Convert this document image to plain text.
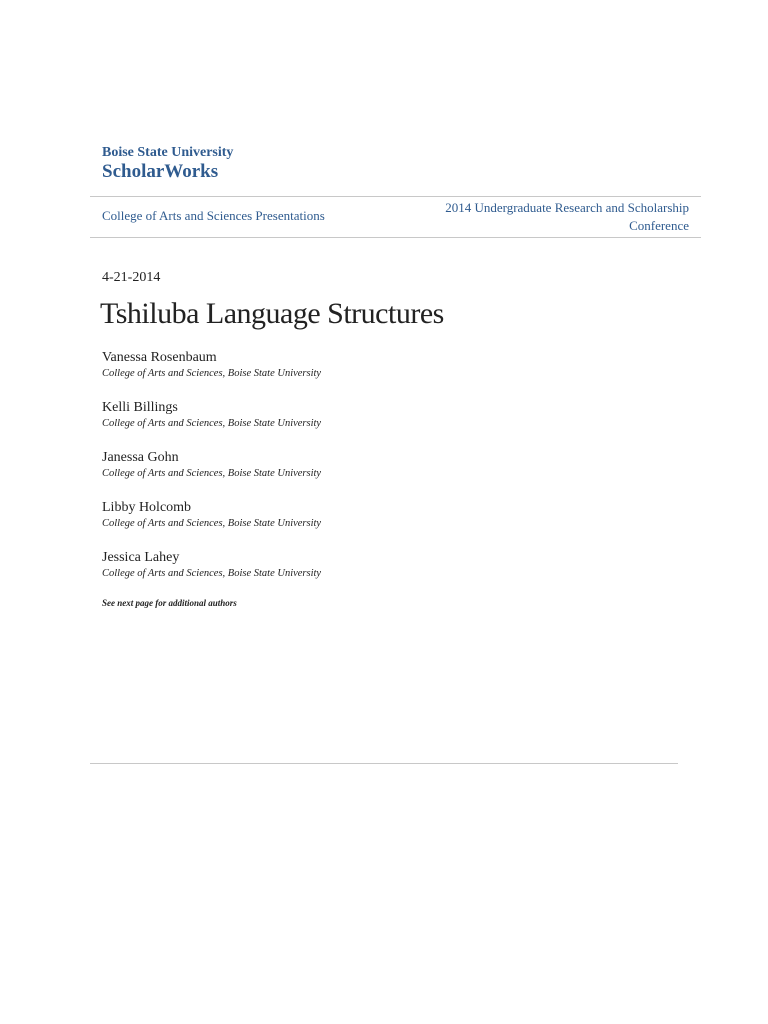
Boise State University
ScholarWorks
College of Arts and Sciences Presentations
2014 Undergraduate Research and Scholarship Conference
4-21-2014
Tshiluba Language Structures
Vanessa Rosenbaum
College of Arts and Sciences, Boise State University
Kelli Billings
College of Arts and Sciences, Boise State University
Janessa Gohn
College of Arts and Sciences, Boise State University
Libby Holcomb
College of Arts and Sciences, Boise State University
Jessica Lahey
College of Arts and Sciences, Boise State University
See next page for additional authors
